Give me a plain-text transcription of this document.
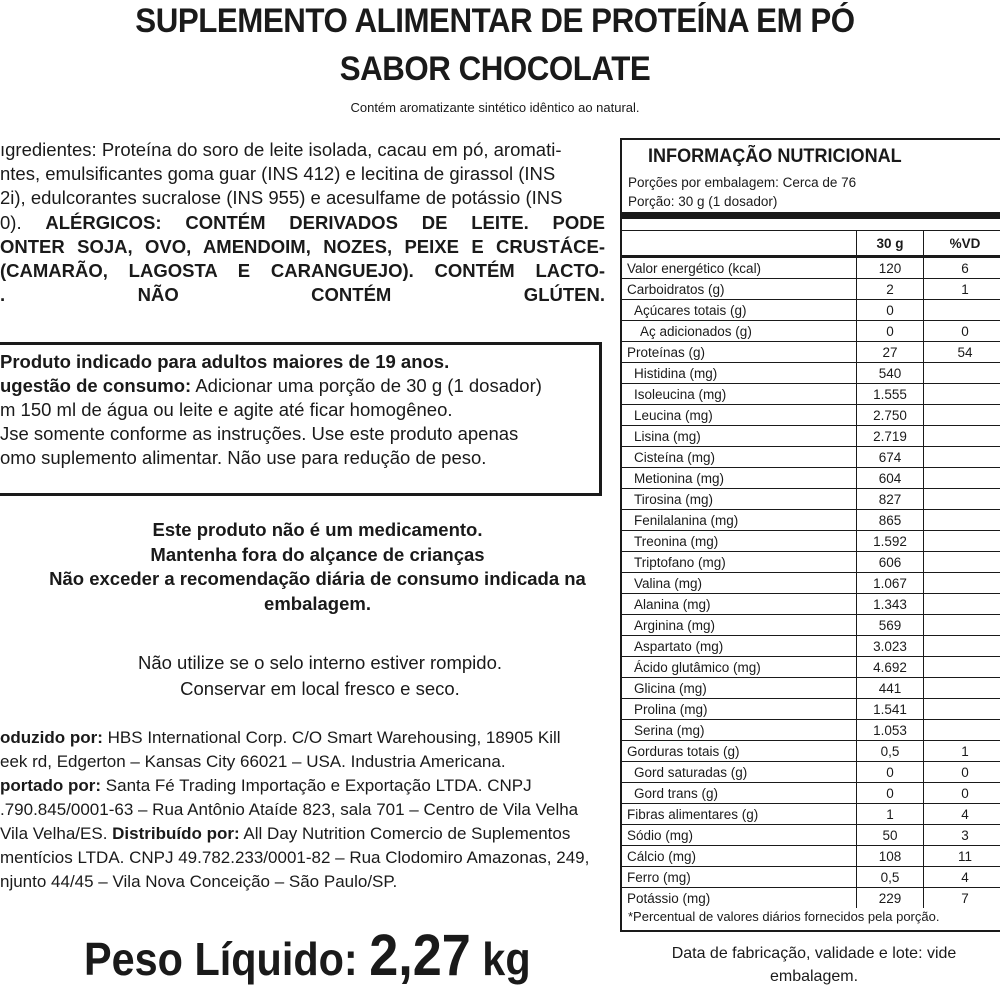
SUPLEMENTO ALIMENTAR DE PROTEÍNA EM PÓ
SABOR CHOCOLATE
Contém aromatizante sintético idêntico ao natural.
ıgredientes: Proteína do soro de leite isolada, cacau em pó, aromati-
ntes, emulsificantes goma guar (INS 412) e lecitina de girassol (INS
2i), edulcorantes sucralose (INS 955) e acesulfame de potássio (INS
0). ALÉRGICOS: CONTÉM DERIVADOS DE LEITE. PODE
ONTER SOJA, OVO, AMENDOIM, NOZES, PEIXE E CRUSTÁCE-
(CAMARÃO, LAGOSTA E CARANGUEJO). CONTÉM LACTO-
. NÃO CONTÉM GLÚTEN.
Produto indicado para adultos maiores de 19 anos.
ugestão de consumo: Adicionar uma porção de 30 g (1 dosador)
m 150 ml de água ou leite e agite até ficar homogêneo.
Jse somente conforme as instruções. Use este produto apenas
omo suplemento alimentar. Não use para redução de peso.
Este produto não é um medicamento.
Mantenha fora do alçance de crianças
Não exceder a recomendação diária de consumo indicada na
embalagem.
Não utilize se o selo interno estiver rompido.
Conservar em local fresco e seco.
oduzido por: HBS International Corp. C/O Smart Warehousing, 18905 Kill
eek rd, Edgerton – Kansas City 66021 – USA. Industria Americana.
portado por: Santa Fé Trading Importação e Exportação LTDA. CNPJ
.790.845/0001-63 – Rua Antônio Ataíde 823, sala 701 – Centro de Vila Velha
Vila Velha/ES. Distribuído por: All Day Nutrition Comercio de Suplementos
mentícios LTDA. CNPJ 49.782.233/0001-82 – Rua Clodomiro Amazonas, 249,
njunto 44/45 – Vila Nova Conceição – São Paulo/SP.
Peso Líquido: 2,27 kg	Data de fabricação, validade e lote: vide
embalagem.
INFORMAÇÃO NUTRICIONAL
Porções por embalagem: Cerca de 76
Porção: 30 g (1 dosador)
	30 g	%VD
Valor energético (kcal)	120	6
Carboidratos (g)	2	1
Açúcares totais (g)	0	
Aç adicionados (g)	0	0
Proteínas (g)	27	54
Histidina (mg)	540	
Isoleucina (mg)	1.555	
Leucina (mg)	2.750	
Lisina (mg)	2.719	
Cisteína (mg)	674	
Metionina (mg)	604	
Tirosina (mg)	827	
Fenilalanina (mg)	865	
Treonina (mg)	1.592	
Triptofano (mg)	606	
Valina (mg)	1.067	
Alanina (mg)	1.343	
Arginina (mg)	569	
Aspartato (mg)	3.023	
Ácido glutâmico (mg)	4.692	
Glicina (mg)	441	
Prolina (mg)	1.541	
Serina (mg)	1.053	
Gorduras totais (g)	0,5	1
Gord saturadas (g)	0	0
Gord trans (g)	0	0
Fibras alimentares (g)	1	4
Sódio (mg)	50	3
Cálcio (mg)	108	11
Ferro (mg)	0,5	4
Potássio (mg)	229	7
*Percentual de valores diários fornecidos pela porção.
